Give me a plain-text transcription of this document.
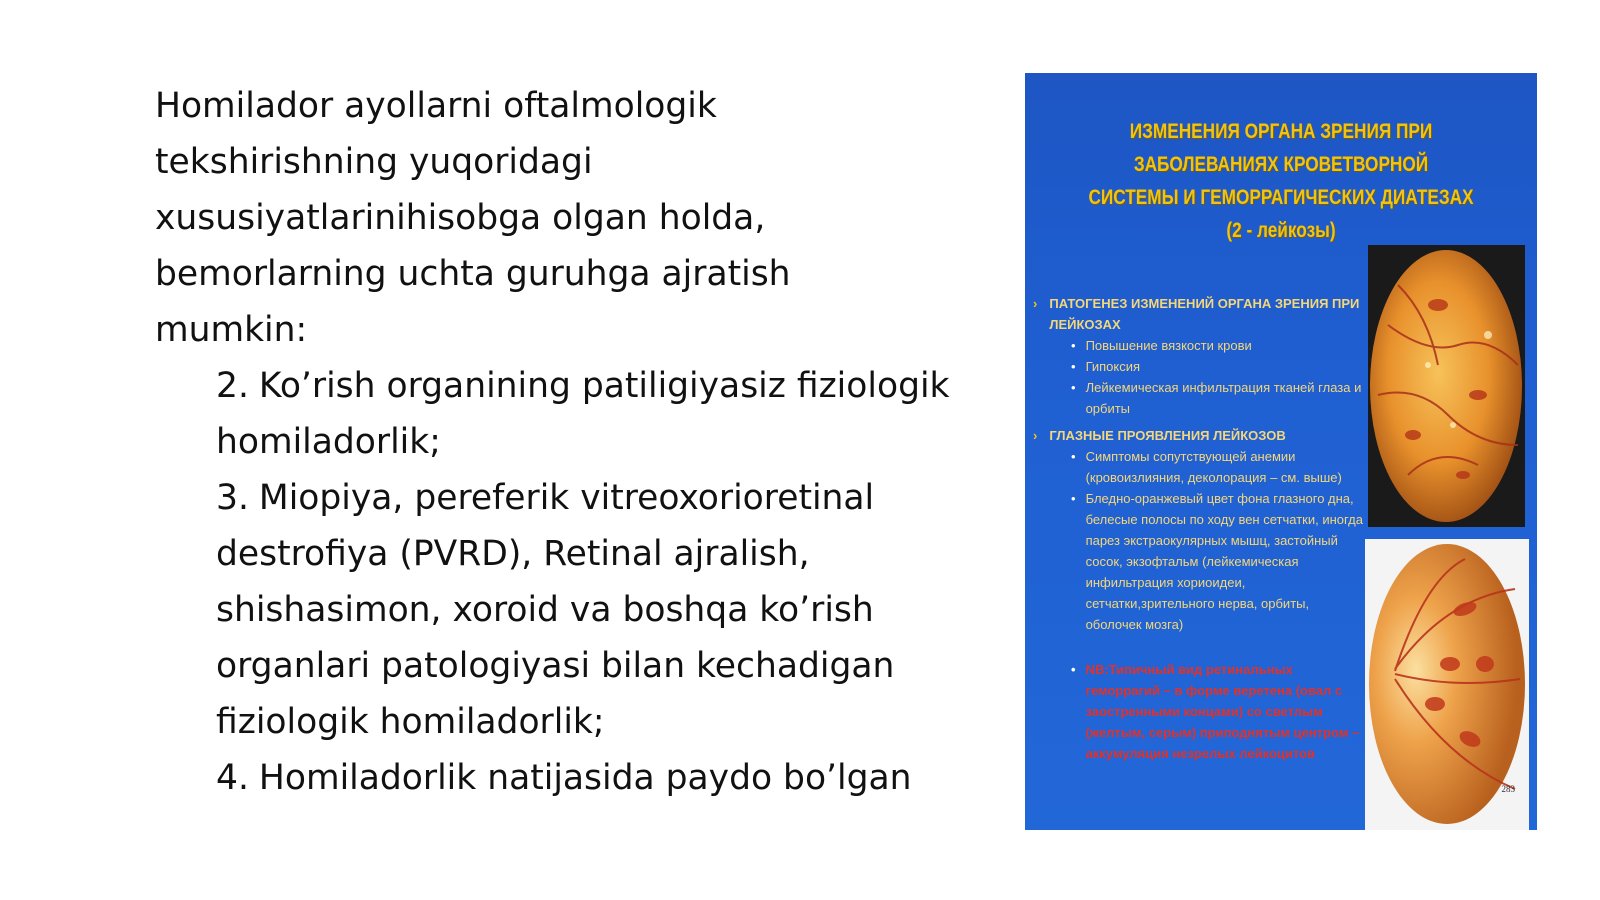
Homilador ayollarni oftalmologik tekshirishning yuqoridagi xususiyatlarinihisobga olgan holda, bemorlarning uchta guruhga ajratish mumkin:

2. Ko’rish organining patiligiyasiz fiziologik homiladorlik;

3. Miopiya, pereferik vitreoxorioretinal destrofiya (PVRD), Retinal ajralish, shishasimon, xoroid va boshqa ko’rish organlari patologiyasi bilan kechadigan fiziologik homiladorlik;

4. Homiladorlik natijasida paydo bo’lgan

ИЗМЕНЕНИЯ ОРГАНА ЗРЕНИЯ ПРИ ЗАБОЛЕВАНИЯХ КРОВЕТВОРНОЙ СИСТЕМЫ И ГЕМОРРАГИЧЕСКИХ ДИАТЕЗАХ (2 - лейкозы)
› ПАТОГЕНЕЗ ИЗМЕНЕНИЙ ОРГАНА ЗРЕНИЯ ПРИ ЛЕЙКОЗАХ
• Повышение вязкости крови
• Гипоксия
• Лейкемическая инфильтрация тканей глаза и орбиты
› ГЛАЗНЫЕ ПРОЯВЛЕНИЯ ЛЕЙКОЗОВ
• Симптомы сопутствующей анемии (кровоизлияния, деколорация – см. выше)
• Бледно-оранжевый цвет фона глазного дна, белесые полосы по ходу вен сетчатки, иногда парез экстраокулярных мышц, застойный сосок, экзофтальм (лейкемическая инфильтрация хориоидеи, сетчатки,зрительного нерва, орбиты, оболочек мозга)
• NB:Типичный вид ретинальных геморрагий – в форме веретена (овал с заостренными концами) со светлым (желтым, серым) приподнятым центром –аккумуляция незрелых лейкоцитов
283
